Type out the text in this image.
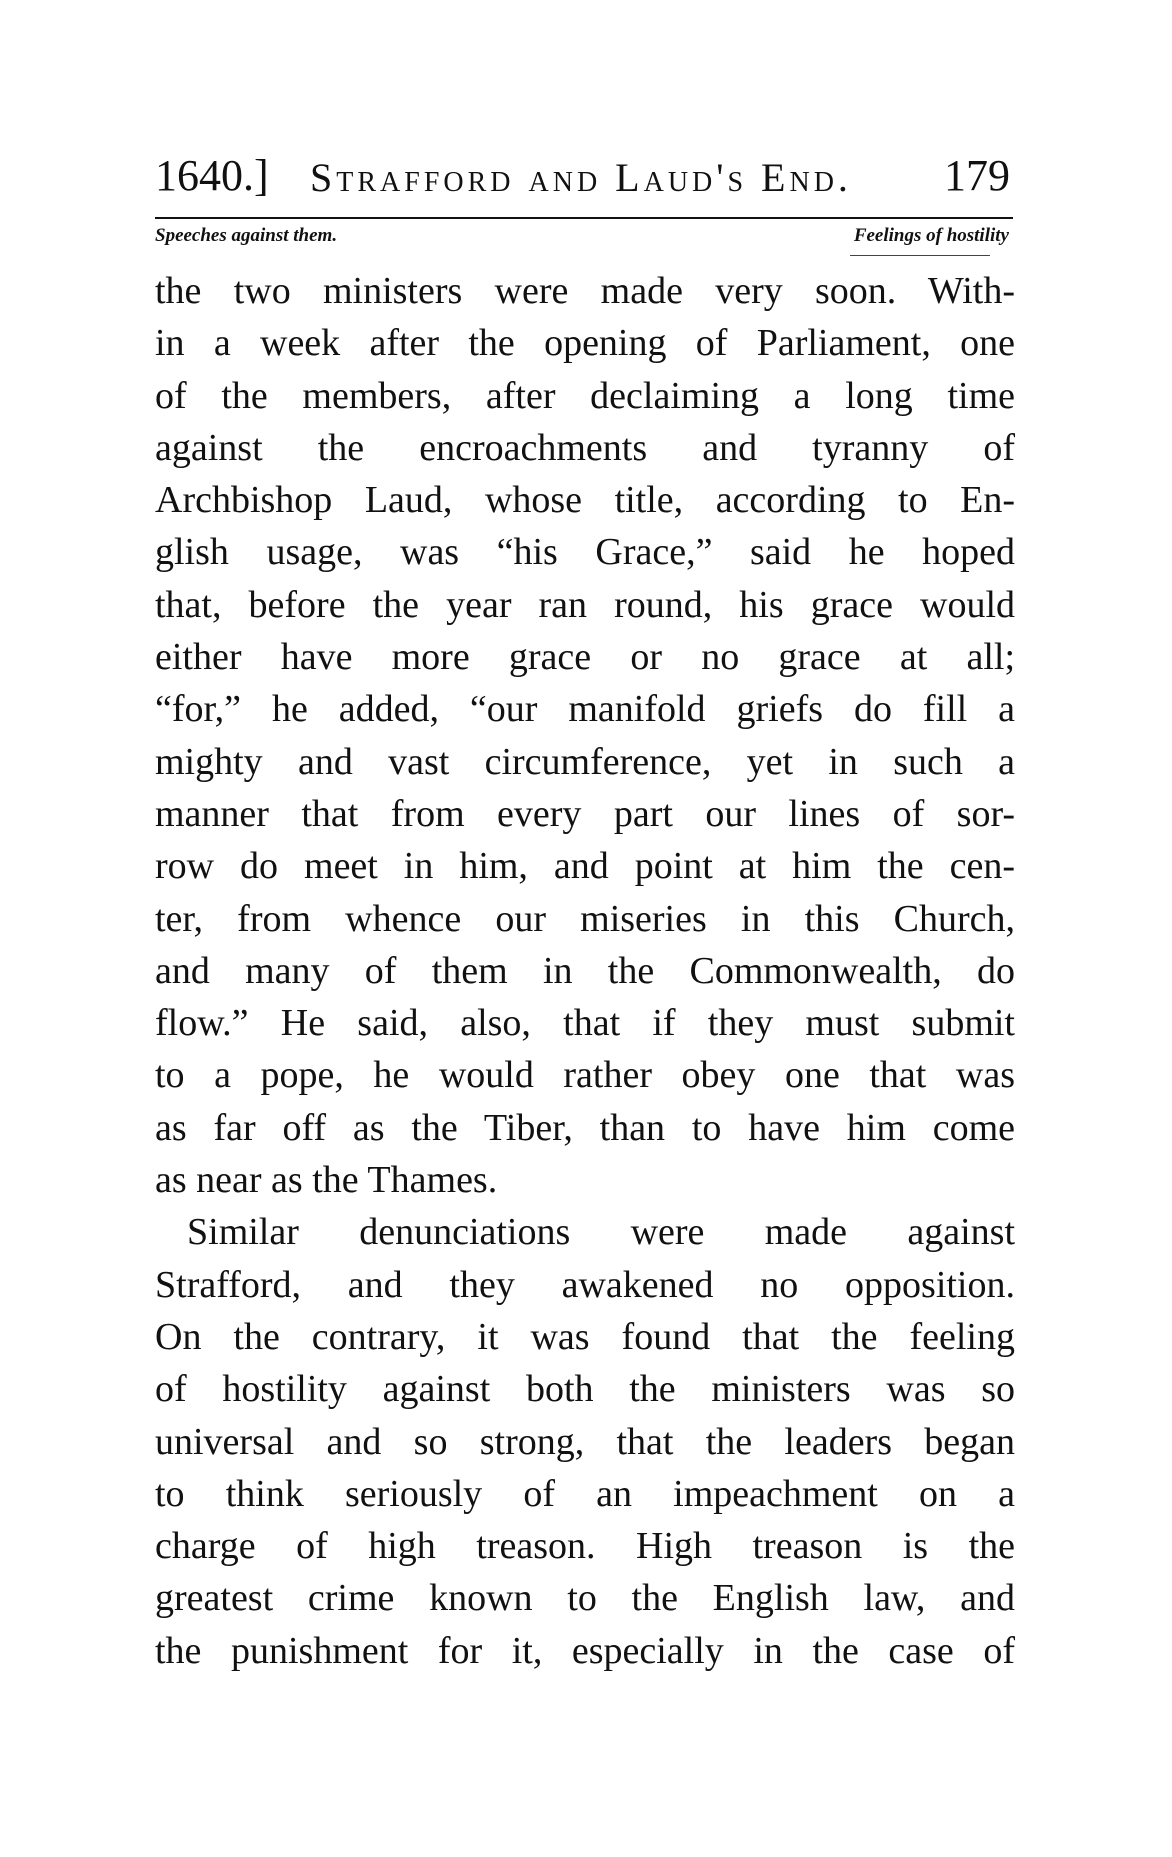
1640.] Strafford and Laud's End. 179
Speeches against them.	Feelings of hostility
the two ministers were made very soon. With-
in a week after the opening of Parliament, one
of the members, after declaiming a long time
against the encroachments and tyranny of
Archbishop Laud, whose title, according to En-
glish usage, was “his Grace,” said he hoped
that, before the year ran round, his grace would
either have more grace or no grace at all;
“for,” he added, “our manifold griefs do fill a
mighty and vast circumference, yet in such a
manner that from every part our lines of sor-
row do meet in him, and point at him the cen-
ter, from whence our miseries in this Church,
and many of them in the Commonwealth, do
flow.” He said, also, that if they must submit
to a pope, he would rather obey one that was
as far off as the Tiber, than to have him come
as near as the Thames.
Similar denunciations were made against
Strafford, and they awakened no opposition.
On the contrary, it was found that the feeling
of hostility against both the ministers was so
universal and so strong, that the leaders began
to think seriously of an impeachment on a
charge of high treason. High treason is the
greatest crime known to the English law, and
the punishment for it, especially in the case of
